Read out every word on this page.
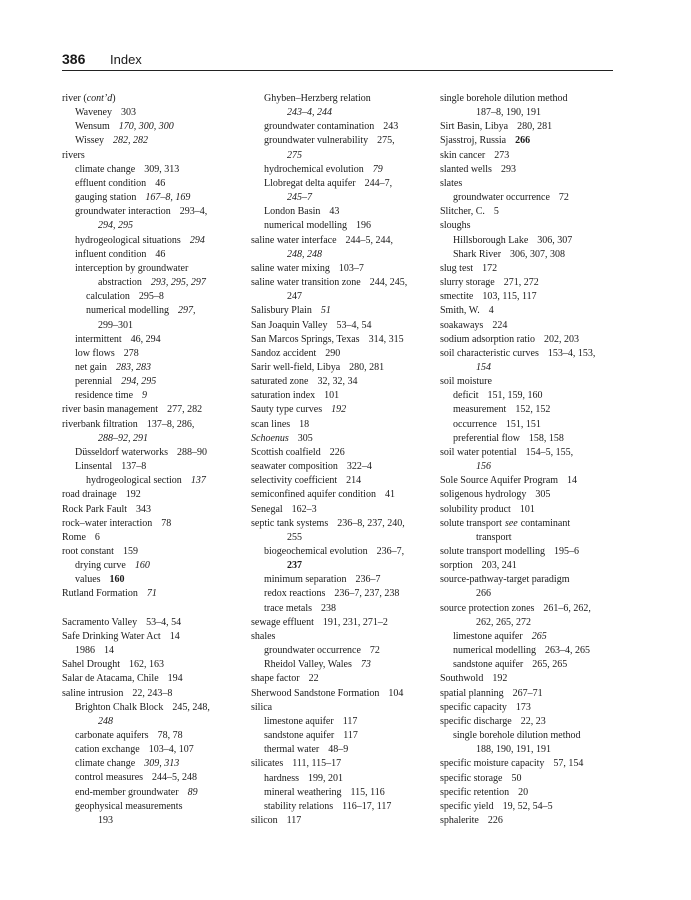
386 Index
river (cont’d)
Waveney 303
Wensum 170, 300, 300
Wissey 282, 282
rivers
climate change 309, 313
effluent condition 46
gauging station 167–8, 169
groundwater interaction 293–4,
294, 295
hydrogeological situations 294
influent condition 46
interception by groundwater
abstraction 293, 295, 297
calculation 295–8
numerical modelling 297,
299–301
intermittent 46, 294
low flows 278
net gain 283, 283
perennial 294, 295
residence time 9
river basin management 277, 282
riverbank filtration 137–8, 286,
288–92, 291
Düsseldorf waterworks 288–90
Linsental 137–8
hydrogeological section 137
road drainage 192
Rock Park Fault 343
rock–water interaction 78
Rome 6
root constant 159
drying curve 160
values 160
Rutland Formation 71
Sacramento Valley 53–4, 54
Safe Drinking Water Act 14
1986 14
Sahel Drought 162, 163
Salar de Atacama, Chile 194
saline intrusion 22, 243–8
Brighton Chalk Block 245, 248,
248
carbonate aquifers 78, 78
cation exchange 103–4, 107
climate change 309, 313
control measures 244–5, 248
end-member groundwater 89
geophysical measurements
193
Ghyben–Herzberg relation
243–4, 244
groundwater contamination 243
groundwater vulnerability 275,
275
hydrochemical evolution 79
Llobregat delta aquifer 244–7,
245–7
London Basin 43
numerical modelling 196
saline water interface 244–5, 244,
248, 248
saline water mixing 103–7
saline water transition zone 244, 245,
247
Salisbury Plain 51
San Joaquin Valley 53–4, 54
San Marcos Springs, Texas 314, 315
Sandoz accident 290
Sarir well-field, Libya 280, 281
saturated zone 32, 32, 34
saturation index 101
Sauty type curves 192
scan lines 18
Schoenus 305
Scottish coalfield 226
seawater composition 322–4
selectivity coefficient 214
semiconfined aquifer condition 41
Senegal 162–3
septic tank systems 236–8, 237, 240,
255
biogeochemical evolution 236–7,
237
minimum separation 236–7
redox reactions 236–7, 237, 238
trace metals 238
sewage effluent 191, 231, 271–2
shales
groundwater occurrence 72
Rheidol Valley, Wales 73
shape factor 22
Sherwood Sandstone Formation 104
silica
limestone aquifer 117
sandstone aquifer 117
thermal water 48–9
silicates 111, 115–17
hardness 199, 201
mineral weathering 115, 116
stability relations 116–17, 117
silicon 117
single borehole dilution method
187–8, 190, 191
Sirt Basin, Libya 280, 281
Sjasstroj, Russia 266
skin cancer 273
slanted wells 293
slates
groundwater occurrence 72
Slitcher, C. 5
sloughs
Hillsborough Lake 306, 307
Shark River 306, 307, 308
slug test 172
slurry storage 271, 272
smectite 103, 115, 117
Smith, W. 4
soakaways 224
sodium adsorption ratio 202, 203
soil characteristic curves 153–4, 153,
154
soil moisture
deficit 151, 159, 160
measurement 152, 152
occurrence 151, 151
preferential flow 158, 158
soil water potential 154–5, 155,
156
Sole Source Aquifer Program 14
soligenous hydrology 305
solubility product 101
solute transport see contaminant
transport
solute transport modelling 195–6
sorption 203, 241
source-pathway-target paradigm
266
source protection zones 261–6, 262,
262, 265, 272
limestone aquifer 265
numerical modelling 263–4, 265
sandstone aquifer 265, 265
Southwold 192
spatial planning 267–71
specific capacity 173
specific discharge 22, 23
single borehole dilution method
188, 190, 191, 191
specific moisture capacity 57, 154
specific storage 50
specific retention 20
specific yield 19, 52, 54–5
sphalerite 226
